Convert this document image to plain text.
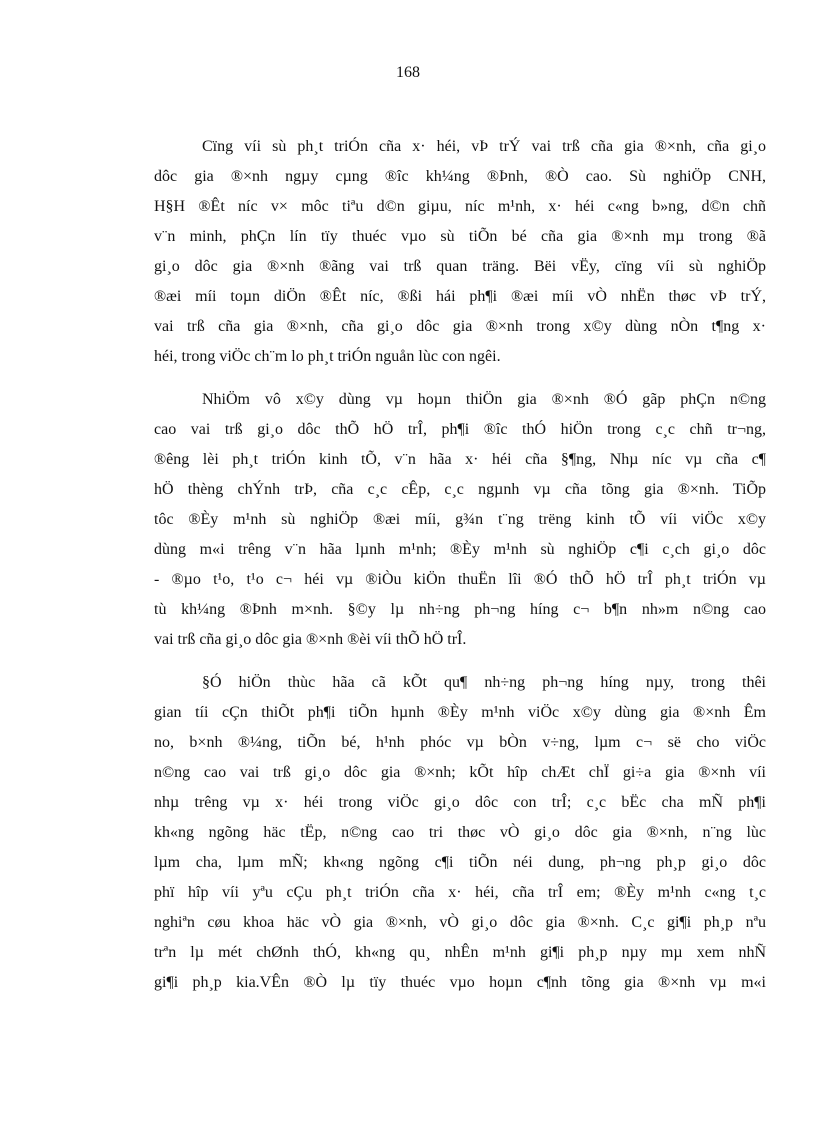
168
Cïng víi sù ph¸t triÓn cña x· héi, vÞ trÝ vai trß cña gia ®×nh, cña gi¸o
dôc gia ®×nh ngµy cµng ®îc kh¼ng ®Þnh, ®Ò cao. Sù nghiÖp CNH,
H§H ®Êt níc v× môc tiªu d©n giµu, níc m¹nh, x· héi c«ng b»ng, d©n chñ
v¨n minh, phÇn lín tïy thuéc vµo sù tiÕn bé cña gia ®×nh mµ trong ®ã
gi¸o dôc gia ®×nh ®ãng vai trß quan träng. Bëi vËy, cïng víi sù nghiÖp
®æi míi toµn diÖn ®Êt níc, ®ßi hái ph¶i ®æi míi vÒ nhËn thøc vÞ trÝ,
vai trß cña gia ®×nh, cña gi¸o dôc gia ®×nh trong x©y dùng nÒn t¶ng x·
héi, trong viÖc ch¨m lo ph¸t triÓn nguån lùc con ngêi.
NhiÖm vô x©y dùng vµ hoµn thiÖn gia ®×nh ®Ó gãp phÇn n©ng
cao vai trß gi¸o dôc thÕ hÖ trÎ, ph¶i ®îc thÓ hiÖn trong c¸c chñ tr¬ng,
®êng lèi ph¸t triÓn kinh tÕ, v¨n hãa x· héi cña §¶ng, Nhµ níc vµ cña c¶
hÖ thèng chÝnh trÞ, cña c¸c cÊp, c¸c ngµnh vµ cña tõng gia ®×nh. TiÕp
tôc ®Èy m¹nh sù nghiÖp ®æi míi, g¾n t¨ng trëng kinh tÕ víi viÖc x©y
dùng m«i trêng v¨n hãa lµnh m¹nh; ®Èy m¹nh sù nghiÖp c¶i c¸ch gi¸o dôc
- ®µo t¹o, t¹o c¬ héi vµ ®iÒu kiÖn thuËn lîi ®Ó thÕ hÖ trÎ ph¸t triÓn vµ
tù kh¼ng ®Þnh m×nh. §©y lµ nh÷ng ph¬ng híng c¬ b¶n nh»m n©ng cao
vai trß cña gi¸o dôc gia ®×nh ®èi víi thÕ hÖ trÎ.
§Ó hiÖn thùc hãa cã kÕt qu¶ nh÷ng ph¬ng híng nµy, trong thêi
gian tíi cÇn thiÕt ph¶i tiÕn hµnh ®Èy m¹nh viÖc x©y dùng gia ®×nh Êm
no, b×nh ®¼ng, tiÕn bé, h¹nh phóc vµ bÒn v÷ng, lµm c¬ së cho viÖc
n©ng cao vai trß gi¸o dôc gia ®×nh; kÕt hîp chÆt chÏ gi÷a gia ®×nh víi
nhµ trêng vµ x· héi trong viÖc gi¸o dôc con trÎ; c¸c bËc cha mÑ ph¶i
kh«ng ngõng häc tËp, n©ng cao tri thøc vÒ gi¸o dôc gia ®×nh, n¨ng lùc
lµm cha, lµm mÑ; kh«ng ngõng c¶i tiÕn néi dung, ph¬ng ph¸p gi¸o dôc
phï hîp víi yªu cÇu ph¸t triÓn cña x· héi, cña trÎ em; ®Èy m¹nh c«ng t¸c
nghiªn cøu khoa häc vÒ gia ®×nh, vÒ gi¸o dôc gia ®×nh. C¸c gi¶i ph¸p nªu
trªn lµ mét chØnh thÓ, kh«ng qu¸ nhÊn m¹nh gi¶i ph¸p nµy mµ xem nhÑ
gi¶i ph¸p kia.VÊn ®Ò lµ tïy thuéc vµo hoµn c¶nh tõng gia ®×nh vµ m«i
